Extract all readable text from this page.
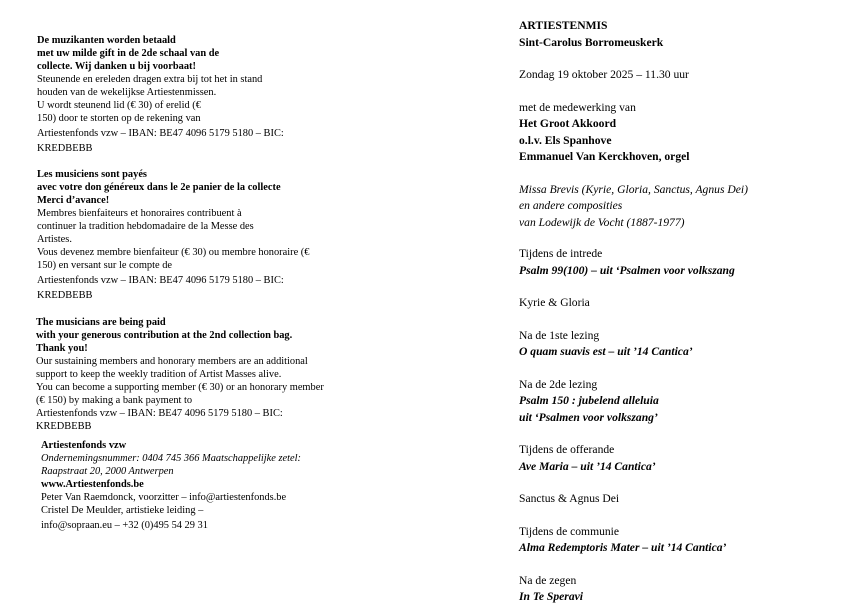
De muzikanten worden betaald
met uw milde gift in de 2de schaal van de
collecte. Wij danken u bij voorbaat!
Steunende en ereleden dragen extra bij tot het in stand
houden van de wekelijkse Artiestenmissen.
U wordt steunend lid (€ 30) of erelid (€
150) door te storten op de rekening van
Artiestenfonds vzw – IBAN: BE47 4096 5179 5180 – BIC:
KREDBEBB
Les musiciens sont payés
avec votre don généreux dans le 2e panier de la collecte
Merci d’avance!
Membres bienfaiteurs et honoraires contribuent à
continuer la tradition hebdomadaire de la Messe des
Artistes.
Vous devenez membre bienfaiteur (€ 30) ou membre honoraire (€
150) en versant sur le compte de
Artiestenfonds vzw – IBAN: BE47 4096 5179 5180 – BIC:
KREDBEBB
The musicians are being paid
with your generous contribution at the 2nd collection bag.
Thank you!
Our sustaining members and honorary members are an additional
support to keep the weekly tradition of Artist Masses alive.
You can become a supporting member (€ 30) or an honorary member
(€ 150) by making a bank payment to
Artiestenfonds vzw – IBAN: BE47 4096 5179 5180 – BIC:
KREDBEBB
Artiestenfonds vzw
Ondernemingsnummer: 0404 745 366 Maatschappelijke zetel:
Raapstraat 20, 2000 Antwerpen
www.Artiestenfonds.be
Peter Van Raemdonck, voorzitter – info@artiestenfonds.be
Cristel De Meulder, artistieke leiding –
info@sopraan.eu – +32 (0)495 54 29 31
ARTIESTENMIS
Sint-Carolus Borromeuskerk
Zondag 19 oktober 2025 – 11.30 uur
met de medewerking van
Het Groot Akkoord
o.l.v. Els Spanhove
Emmanuel Van Kerckhoven, orgel
Missa Brevis (Kyrie, Gloria, Sanctus, Agnus Dei)
en andere composities
van Lodewijk de Vocht (1887-1977)
Tijdens de intrede
Psalm 99(100) – uit ‘Psalmen voor volkszang
Kyrie & Gloria
Na de 1ste lezing
O quam suavis est – uit ’14 Cantica’
Na de 2de lezing
Psalm 150 : jubelend alleluia
uit ‘Psalmen voor volkszang’
Tijdens de offerande
Ave Maria – uit ’14 Cantica’
Sanctus & Agnus Dei
Tijdens de communie
Alma Redemptoris Mater – uit ’14 Cantica’
Na de zegen
In Te Speravi
